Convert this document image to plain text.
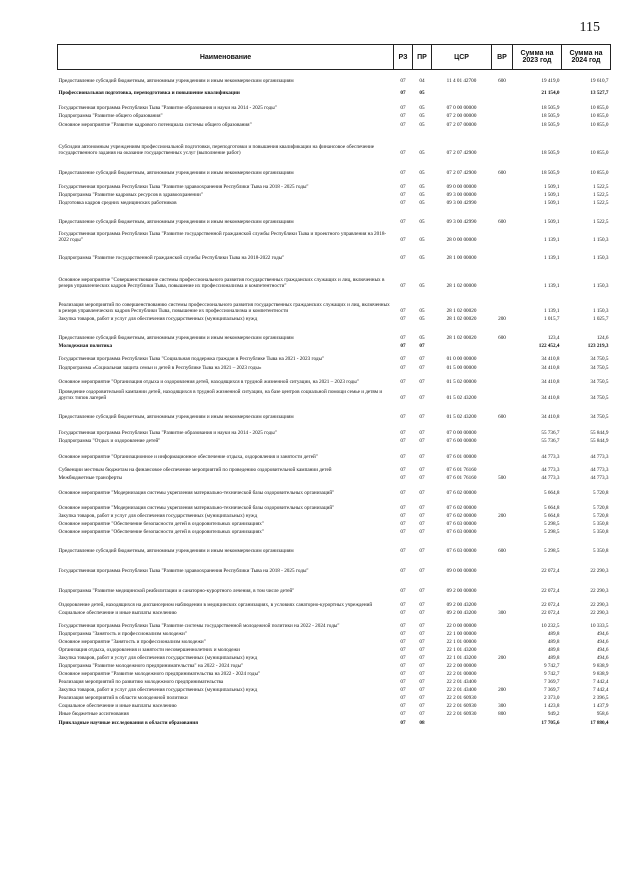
115
Наименование	РЗ	ПР	ЦСР	ВР	Сумма на 2023 год	Сумма на 2024 год
Предоставление субсидий бюджетным, автономным учреждениям и иным некоммерческим организациям	07	04	11 4 01 42700	600	19 419,0	19 610,7
Профессиональная подготовка, переподготовка и повышение квалификации	07	05			21 154,0	13 527,7
Государственная программа Республики Тыва "Развитие образования и науки на 2014 - 2025 годы"	07	05	07 0 00 00000		18 505,9	10 855,0
Подпрограмма "Развитие общего образования"	07	05	07 2 00 00000		18 505,9	10 855,0
Основное мероприятие "Развитие кадрового потенциала системы общего образования"	07	05	07 2 07 00000		18 505,9	10 855,0
Субсидии автономным учреждениям профессиональной подготовки, переподготовки и повышения квалификации на финансовое обеспечение государственного задания на оказание государственных услуг (выполнение работ)	07	05	07 2 07 42900		18 505,9	10 855,0
Предоставление субсидий бюджетным, автономным учреждениям и иным некоммерческим организациям	07	05	07 2 07 42900	600	18 505,9	10 855,0
Государственная программа Республики Тыва "Развитие здравоохранения Республики Тыва на 2018 - 2025 годы"	07	05	09 0 00 00000		1 509,1	1 522,5
Подпрограмма "Развитие кадровых ресурсов в здравоохранении"	07	05	09 3 00 00000		1 509,1	1 522,5
Подготовка кадров средних медицинских работников	07	05	09 3 00 42990		1 509,1	1 522,5
Предоставление субсидий бюджетным, автономным учреждениям и иным некоммерческим организациям	07	05	09 3 00 42990	600	1 509,1	1 522,5
Государственная программа Республики Тыва "Развитие государственной гражданской службы Республики Тыва и проектного управления на 2018-2022 годы"	07	05	28 0 00 00000		1 139,1	1 150,3
Подпрограмма "Развитие государственной гражданской службы Республики Тыва на 2018-2022 годы"	07	05	28 1 00 00000		1 139,1	1 150,3
Основное мероприятие "Совершенствование системы профессионального развития государственных гражданских служащих и лиц, включенных в резерв управленческих кадров Республики Тыва, повышение их профессионализма и компетентности"	07	05	28 1 02 00000		1 139,1	1 150,3
Реализация мероприятий по совершенствованию системы профессионального развития государственных гражданских служащих и лиц, включенных в резерв управленческих кадров Республики Тыва, повышение их профессионализма и компетентности	07	05	28 1 02 00020		1 139,1	1 150,3
Закупка товаров, работ и услуг для обеспечения государственных (муниципальных) нужд	07	05	28 1 02 00020	200	1 015,7	1 025,7
Предоставление субсидий бюджетным, автономным учреждениям и иным некоммерческим организациям	07	05	28 1 02 00020	600	123,4	124,6
Молодежная политика	07	07			122 452,4	123 219,3
Государственная программа Республики Тыва "Социальная поддержка граждан в Республике Тыва на 2021 - 2023 годы"	07	07	01 0 00 00000		34 410,8	34 750,5
Подпрограмма «Социальная защита семьи и детей в Республике Тыва на 2021 – 2023 годы»	07	07	01 5 00 00000		34 410,8	34 750,5
Основное мероприятие "Организация отдыха и оздоровления детей, находящихся в трудной жизненной ситуации, на 2021 – 2023 годы"	07	07	01 5 02 00000		34 410,8	34 750,5
Проведение оздоровительной кампании детей, находящихся в трудной жизненной ситуации, на базе центров социальной помощи семье и детям и других типов лагерей	07	07	01 5 02 43200		34 410,8	34 750,5
Предоставление субсидий бюджетным, автономным учреждениям и иным некоммерческим организациям	07	07	01 5 02 43200	600	34 410,8	34 750,5
Государственная программа Республики Тыва "Развитие образования и науки на 2014 - 2025 годы"	07	07	07 0 00 00000		55 736,7	55 844,9
Подпрограмма "Отдых и оздоровление детей"	07	07	07 6 00 00000		55 736,7	55 844,9
Основное мероприятие "Организационное и информационное обеспечение отдыха, оздоровления и занятости детей"	07	07	07 6 01 00000		44 773,3	44 773,3
Субвенции местным бюджетам на финансовое обеспечение мероприятий по проведению оздоровительной кампании детей	07	07	07 6 01 76160		44 773,3	44 773,3
Межбюджетные трансферты	07	07	07 6 01 76160	500	44 773,3	44 773,3
Основное мероприятие "Модернизация системы укрепления материально-технической базы оздоровительных организаций"	07	07	07 6 02 00000		5 664,8	5 720,8
Основное мероприятие "Модернизация системы укрепления материально-технической базы оздоровительных организаций"	07	07	07 6 02 00000		5 664,8	5 720,8
Закупка товаров, работ и услуг для обеспечения государственных (муниципальных) нужд	07	07	07 6 02 00000	200	5 664,8	5 720,8
Основное мероприятие "Обеспечение безопасности детей в оздоровительных организациях"	07	07	07 6 03 00000		5 298,5	5 350,8
Основное мероприятие "Обеспечение безопасности детей в оздоровительных организациях"	07	07	07 6 03 00000		5 298,5	5 350,8
Предоставление субсидий бюджетным, автономным учреждениям и иным некоммерческим организациям	07	07	07 6 03 00000	600	5 298,5	5 350,8
Государственная программа Республики Тыва "Развитие здравоохранения Республики Тыва на 2018 - 2025 годы"	07	07	09 0 00 00000		22 072,4	22 290,3
Подпрограмма "Развитие медицинской реабилитации и санаторно-курортного лечения, в том числе детей"	07	07	09 2 00 00000		22 072,4	22 290,3
Оздоровление детей, находящихся на диспансерном наблюдении в медицинских организациях, в условиях санаторно-курортных учреждений	07	07	09 2 00 43200		22 072,4	22 290,3
Социальное обеспечение и иные выплаты населению	07	07	09 2 00 43200	300	22 072,4	22 290,3
Государственная программа Республики Тыва "Развитие системы государственной молодежной политики на 2022 - 2024 годы"	07	07	22 0 00 00000		10 232,5	10 333,5
Подпрограмма "Занятость и профессионализм молодежи"	07	07	22 1 00 00000		489,8	494,6
Основное мероприятие "Занятость и профессионализм молодежи"	07	07	22 1 01 00000		489,8	494,6
Организация отдыха, оздоровления и занятости несовершеннолетних и молодежи	07	07	22 1 01 43200		489,8	494,6
Закупка товаров, работ и услуг для обеспечения государственных (муниципальных) нужд	07	07	22 1 01 43200	200	489,8	494,6
Подпрограмма "Развитие молодежного предпринимательства" на 2022 - 2024 годы"	07	07	22 2 00 00000		9 742,7	9 838,9
Основное мероприятие "Развитие молодежного предпринимательства на 2022 - 2024 годы"	07	07	22 2 01 00000		9 742,7	9 838,9
Реализация мероприятий по развитию молодежного предпринимательства	07	07	22 2 01 43400		7 369,7	7 442,4
Закупка товаров, работ и услуг для обеспечения государственных (муниципальных) нужд	07	07	22 2 01 43400	200	7 369,7	7 442,4
Реализация мероприятий в области молодежной политики	07	07	22 2 01 60930		2 373,0	2 396,5
Социальное обеспечение и иные выплаты населению	07	07	22 2 01 60930	300	1 423,8	1 437,9
Иные бюджетные ассигнования	07	07	22 2 01 60930	800	949,2	958,6
Прикладные научные исследования в области образования	07	08			17 705,6	17 880,4
